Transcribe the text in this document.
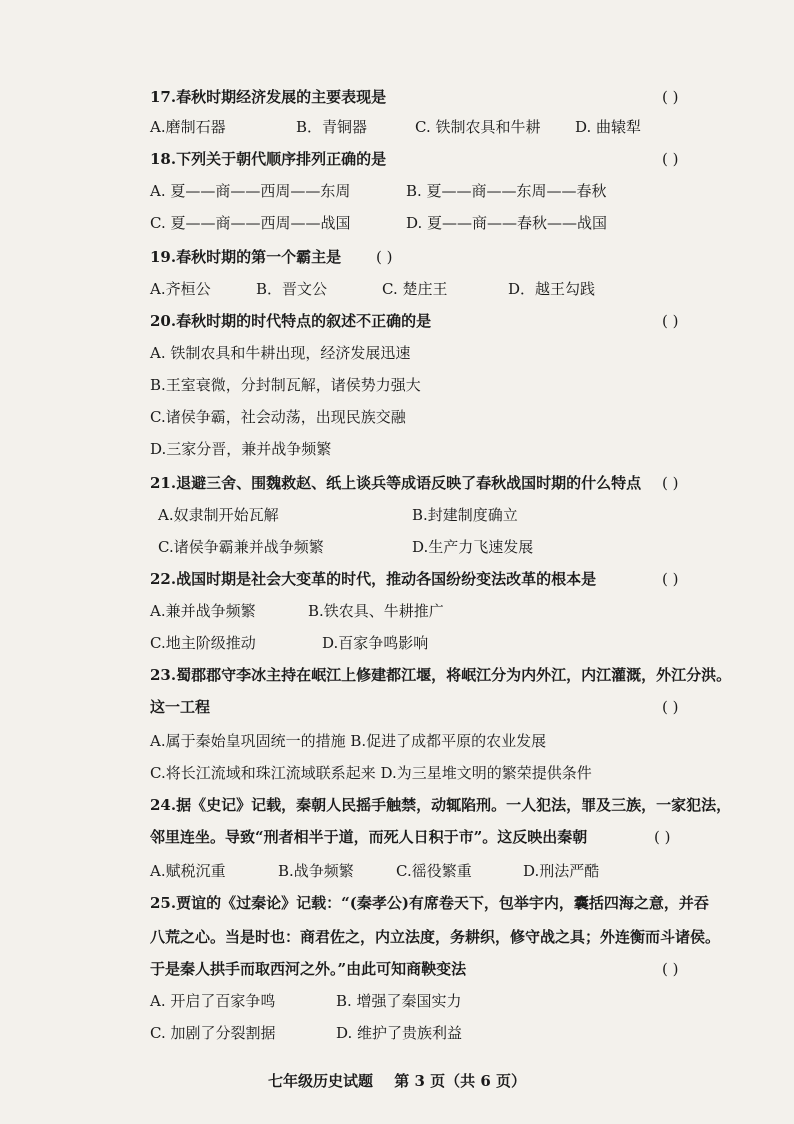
17.春秋时期经济发展的主要表现是	( )
A.磨制石器	B．青铜器	C. 铁制农具和牛耕 D. 曲辕犁
18.下列关于朝代顺序排列正确的是	( )
A. 夏——商——西周——东周	B. 夏——商——东周——春秋
C. 夏——商——西周——战国	D. 夏——商——春秋——战国
19.春秋时期的第一个霸主是 ( )
A.齐桓公	B．晋文公	C. 楚庄王	D．越王勾践
20.春秋时期的时代特点的叙述不正确的是	( )
A. 铁制农具和牛耕出现，经济发展迅速
B.王室衰微，分封制瓦解，诸侯势力强大
C.诸侯争霸，社会动荡，出现民族交融
D.三家分晋，兼并战争频繁
21.退避三舍、围魏救赵、纸上谈兵等成语反映了春秋战国时期的什么特点 ( )
A.奴隶制开始瓦解	B.封建制度确立
C.诸侯争霸兼并战争频繁	D.生产力飞速发展
22.战国时期是社会大变革的时代，推动各国纷纷变法改革的根本是	( )
A.兼并战争频繁	B.铁农具、牛耕推广
C.地主阶级推动	D.百家争鸣影响
23.蜀郡郡守李冰主持在岷江上修建都江堰，将岷江分为内外江，内江灌溉，外江分洪。
这一工程	( )
A.属于秦始皇巩固统一的措施 B.促进了成都平原的农业发展
C.将长江流域和珠江流域联系起来 D.为三星堆文明的繁荣提供条件
24.据《史记》记载，秦朝人民摇手触禁，动辄陷刑。一人犯法，罪及三族，一家犯法，
邻里连坐。导致“刑者相半于道，而死人日积于市”。这反映出秦朝	( )
A.赋税沉重	B.战争频繁	C.徭役繁重	D.刑法严酷
25.贾谊的《过秦论》记载：“(秦孝公)有席卷天下，包举宇内，囊括四海之意，并吞
八荒之心。当是时也：商君佐之，内立法度，务耕织，修守战之具；外连衡而斗诸侯。
于是秦人拱手而取西河之外。”由此可知商鞅变法	( )
A. 开启了百家争鸣	B. 增强了秦国实力
C. 加剧了分裂割据	D. 维护了贵族利益
七年级历史试题 第 3 页（共 6 页）
